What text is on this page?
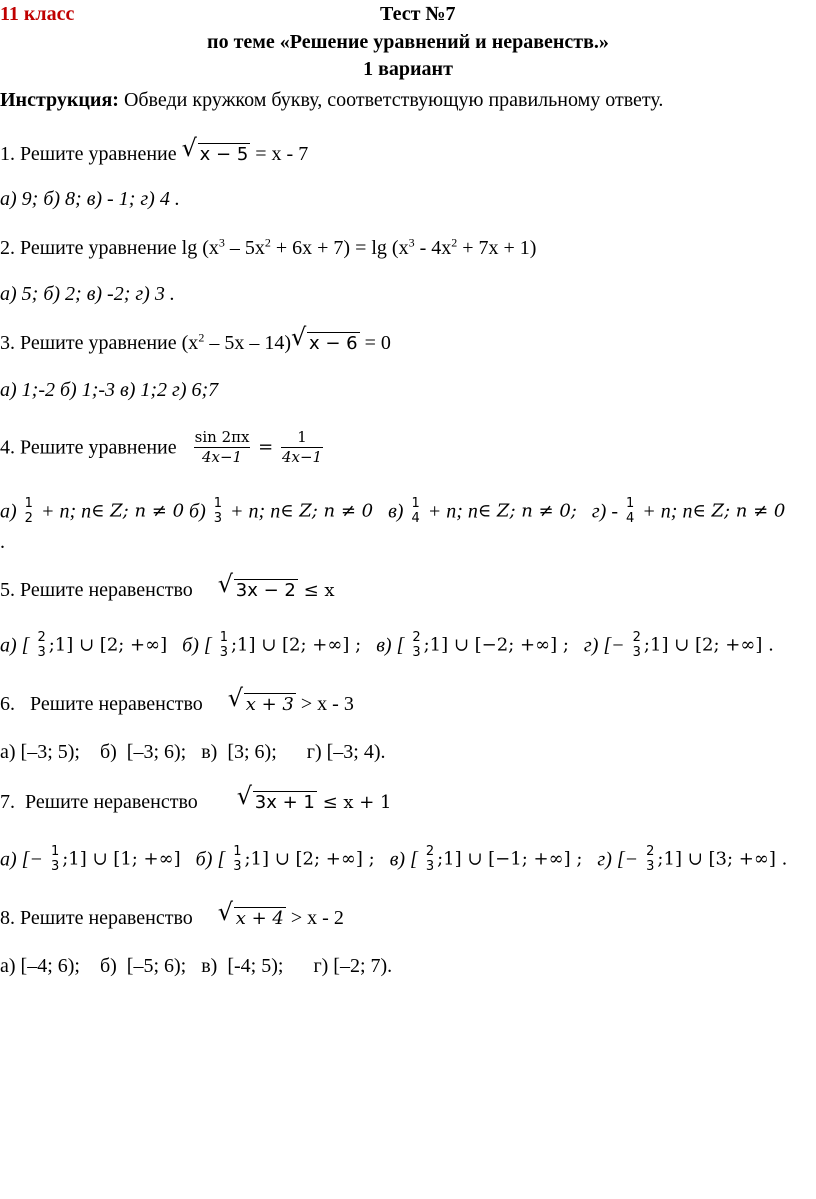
11 класс	Тест №7
по теме «Решение уравнений и неравенств.»
1 вариант
Инструкция: Обведи кружком букву, соответствующую правильному ответу.
1. Решите уравнение √ x − 5 = x - 7
а) 9; б) 8; в) - 1; г) 4 .
2. Решите уравнение $\lg (x^3 - 5x^2 + 6x + 7) = \lg (x^3 - 4x^2 + 7x + 1)$
а) 5; б) 2; в) -2; г) 3 .
3. Решите уравнение $(x^2 - 5x - 14)$ √ x − 6 = 0
а) 1;-2 б) 1;-3 в) 1;2 г) 6;7
4. Решите уравнение $\frac{\sin 2\pi x}{4x-1} = \frac{1}{4x-1}$
а) 1
2 + n; n∈ Z; n ≠ 0 б) 1
3 + n; n∈ Z; n ≠ 0   в) 1
4 + n; n∈ Z; n ≠ 0;   г) - 1
4 + n; n∈ Z; n ≠ 0
.
5. Решите неравенство √ 3x − 2 ≤ x
а) [ 2
3 ;1] ∪ [2; +∞]   б) [ 1
3 ;1] ∪ [2; +∞] ;   в) [ 2
3 ;1] ∪ [−2; +∞] ;   г) [− 2
3 ;1] ∪ [2; +∞] .
6.   Решите неравенство √ x + 3 > x - 3
а) [–3; 5);    б)  [–3; 6);   в)  [3; 6);      г) [–3; 4).
7.  Решите неравенство √ 3x + 1 ≤ x + 1
а) [− 1
3 ;1] ∪ [1; +∞]   б) [ 1
3 ;1] ∪ [2; +∞] ;   в) [ 2
3 ;1] ∪ [−1; +∞] ;   г) [− 2
3 ;1] ∪ [3; +∞] .
8. Решите неравенство √ x + 4 > x - 2
а) [–4; 6);    б)  [–5; 6);   в)  [-4; 5);      г) [–2; 7).
